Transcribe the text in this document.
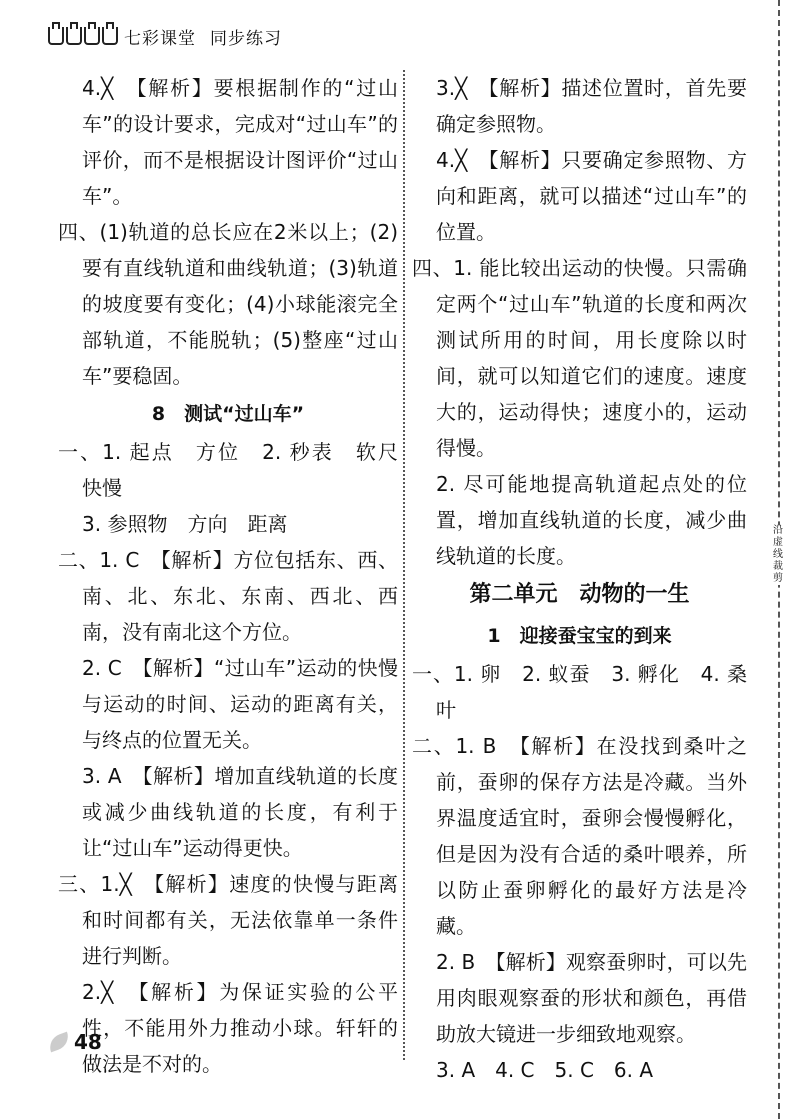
七彩课堂 同步练习

4.╳　【解析】要根据制作的“过山车”的设计要求，完成对“过山车”的评价，而不是根据设计图评价“过山车”。

四、(1)轨道的总长应在2米以上；(2)要有直线轨道和曲线轨道；(3)轨道的坡度要有变化；(4)小球能滚完全部轨道，不能脱轨；(5)整座“过山车”要稳固。

8　测试“过山车”

一、1. 起点　方位　2. 秒表　软尺　快慢

3. 参照物　方向　距离

二、1. C　【解析】方位包括东、西、南、北、东北、东南、西北、西南，没有南北这个方位。

2. C　【解析】“过山车”运动的快慢与运动的时间、运动的距离有关，与终点的位置无关。

3. A　【解析】增加直线轨道的长度或减少曲线轨道的长度，有利于让“过山车”运动得更快。

三、1.╳　【解析】速度的快慢与距离和时间都有关，无法依靠单一条件进行判断。

2.╳　【解析】为保证实验的公平性，不能用外力推动小球。轩轩的做法是不对的。

3.╳　【解析】描述位置时，首先要确定参照物。

4.╳　【解析】只要确定参照物、方向和距离，就可以描述“过山车”的位置。

四、1. 能比较出运动的快慢。只需确定两个“过山车”轨道的长度和两次测试所用的时间，用长度除以时间，就可以知道它们的速度。速度大的，运动得快；速度小的，运动得慢。

2. 尽可能地提高轨道起点处的位置，增加直线轨道的长度，减少曲线轨道的长度。

第二单元　动物的一生

1　迎接蚕宝宝的到来

一、1. 卵　2. 蚁蚕　3. 孵化　4. 桑叶

二、1. B　【解析】在没找到桑叶之前，蚕卵的保存方法是冷藏。当外界温度适宜时，蚕卵会慢慢孵化，但是因为没有合适的桑叶喂养，所以防止蚕卵孵化的最好方法是冷藏。

2. B　【解析】观察蚕卵时，可以先用肉眼观察蚕的形状和颜色，再借助放大镜进一步细致地观察。

3. A　4. C　5. C　6. A

沿虚线裁剪
48
